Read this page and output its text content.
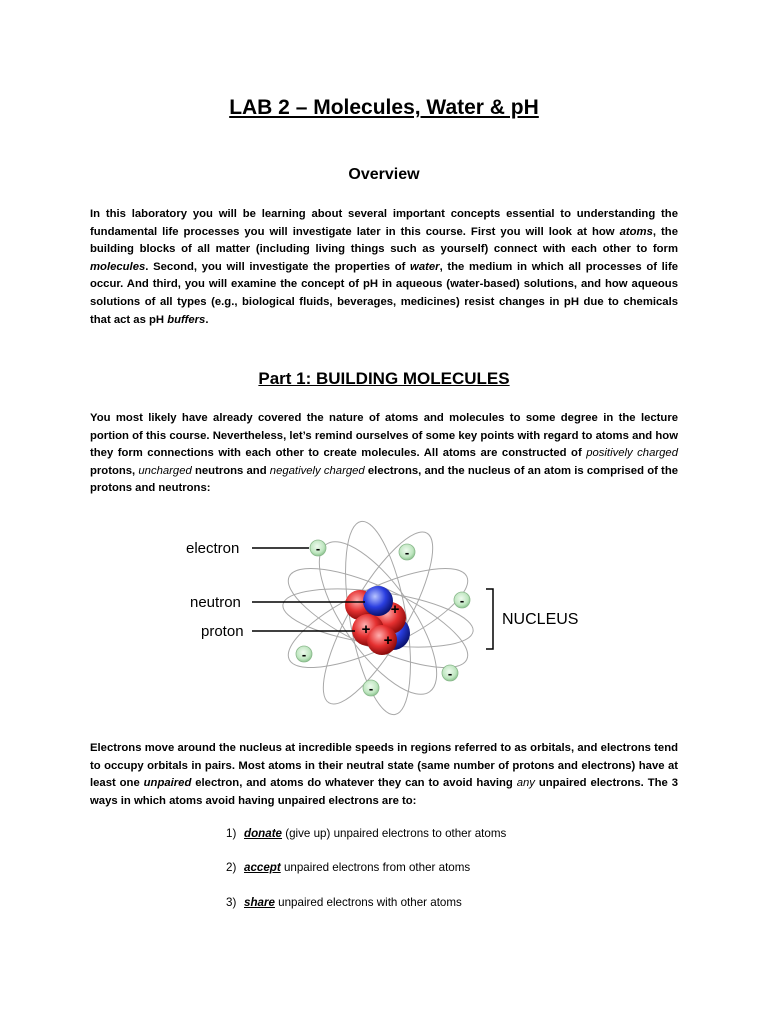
LAB 2 – Molecules, Water & pH
Overview
In this laboratory you will be learning about several important concepts essential to understanding the fundamental life processes you will investigate later in this course. First you will look at how atoms, the building blocks of all matter (including living things such as yourself) connect with each other to form molecules. Second, you will investigate the properties of water, the medium in which all processes of life occur. And third, you will examine the concept of pH in aqueous (water-based) solutions, and how aqueous solutions of all types (e.g., biological fluids, beverages, medicines) resist changes in pH due to chemicals that act as pH buffers.
Part 1: BUILDING MOLECULES
You most likely have already covered the nature of atoms and molecules to some degree in the lecture portion of this course. Nevertheless, let’s remind ourselves of some key points with regard to atoms and how they form connections with each other to create molecules. All atoms are constructed of positively charged protons, uncharged neutrons and negatively charged electrons, and the nucleus of an atom is comprised of the protons and neutrons:
+
+
+
-	-
-
-
-
-
electron
neutron
proton
NUCLEUS
Electrons move around the nucleus at incredible speeds in regions referred to as orbitals, and electrons tend to occupy orbitals in pairs. Most atoms in their neutral state (same number of protons and electrons) have at least one unpaired electron, and atoms do whatever they can to avoid having any unpaired electrons. The 3 ways in which atoms avoid having unpaired electrons are to:
1) donate (give up) unpaired electrons to other atoms
2) accept unpaired electrons from other atoms
3) share unpaired electrons with other atoms
